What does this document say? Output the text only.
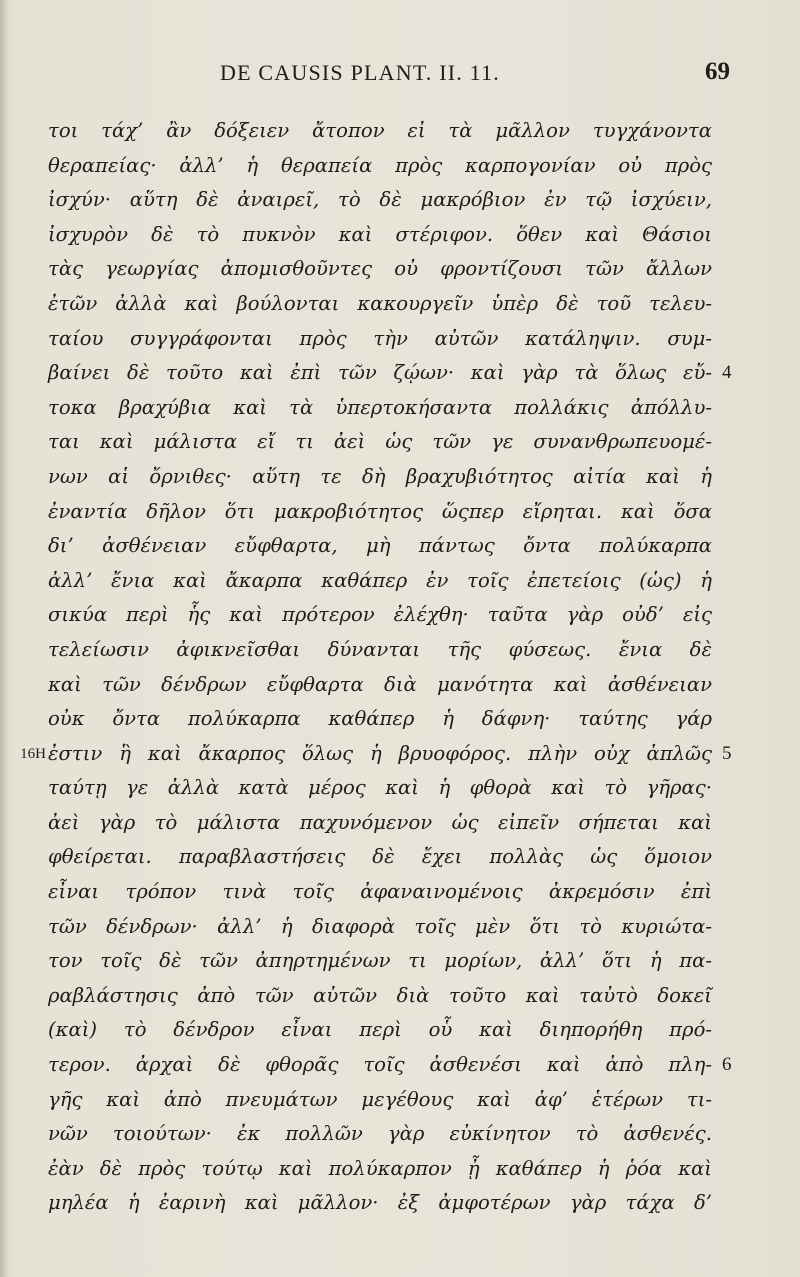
DE CAUSIS PLANT. II. 11.	69
τοι τάχ’ ἂν δόξειεν ἄτοπον εἰ τὰ μᾶλλον τυγχάνοντα
θεραπείας· ἀλλ’ ἡ θεραπεία πρὸς καρπογονίαν οὐ πρὸς
ἰσχύν· αὕτη δὲ ἀναιρεῖ, τὸ δὲ μακρόβιον ἐν τῷ ἰσχύειν,
ἰσχυρὸν δὲ τὸ πυκνὸν καὶ στέριφον. ὅθεν καὶ Θάσιοι
τὰς γεωργίας ἀπομισθοῦντες οὐ φροντίζουσι τῶν ἄλλων
ἐτῶν ἀλλὰ καὶ βούλονται κακουργεῖν ὑπὲρ δὲ τοῦ τελευ-
ταίου συγγράφονται πρὸς τὴν αὐτῶν κατάληψιν. συμ-
βαίνει δὲ τοῦτο καὶ ἐπὶ τῶν ζῴων· καὶ γὰρ τὰ ὅλως εὔ- 4
τοκα βραχύβια καὶ τὰ ὑπερτοκήσαντα πολλάκις ἀπόλλυ-
ται καὶ μάλιστα εἴ τι ἀεὶ ὡς τῶν γε συνανθρωπευομέ-
νων αἱ ὄρνιθες· αὕτη τε δὴ βραχυβιότητος αἰτία καὶ ἡ
ἐναντία δῆλον ὅτι μακροβιότητος ὥςπερ εἴρηται. καὶ ὅσα
δι’ ἀσθένειαν εὔφθαρτα, μὴ πάντως ὄντα πολύκαρπα
ἀλλ’ ἔνια καὶ ἄκαρπα καθάπερ ἐν τοῖς ἐπετείοις (ὡς) ἡ
σικύα περὶ ἧς καὶ πρότερον ἐλέχθη· ταῦτα γὰρ οὐδ’ εἰς
τελείωσιν ἀφικνεῖσθαι δύνανται τῆς φύσεως. ἔνια δὲ
καὶ τῶν δένδρων εὔφθαρτα διὰ μανότητα καὶ ἀσθένειαν
οὐκ ὄντα πολύκαρπα καθάπερ ἡ δάφνη· ταύτης γάρ
16H ἐστιν ἣ καὶ ἄκαρπος ὅλως ἡ βρυοφόρος. πλὴν οὐχ ἁπλῶς 5
ταύτῃ γε ἀλλὰ κατὰ μέρος καὶ ἡ φθορὰ καὶ τὸ γῆρας·
ἀεὶ γὰρ τὸ μάλιστα παχυνόμενον ὡς εἰπεῖν σήπεται καὶ
φθείρεται. παραβλαστήσεις δὲ ἔχει πολλὰς ὡς ὅμοιον
εἶναι τρόπον τινὰ τοῖς ἀφαναινομένοις ἀκρεμόσιν ἐπὶ
τῶν δένδρων· ἀλλ’ ἡ διαφορὰ τοῖς μὲν ὅτι τὸ κυριώτα-
τον τοῖς δὲ τῶν ἀπηρτημένων τι μορίων, ἀλλ’ ὅτι ἡ πα-
ραβλάστησις ἀπὸ τῶν αὐτῶν διὰ τοῦτο καὶ ταὐτὸ δοκεῖ
(καὶ) τὸ δένδρον εἶναι περὶ οὗ καὶ διηπορήθη πρό-
τερον. ἀρχαὶ δὲ φθορᾶς τοῖς ἀσθενέσι καὶ ἀπὸ πλη- 6
γῆς καὶ ἀπὸ πνευμάτων μεγέθους καὶ ἀφ’ ἑτέρων τι-
νῶν τοιούτων· ἐκ πολλῶν γὰρ εὐκίνητον τὸ ἀσθενές.
ἐὰν δὲ πρὸς τούτῳ καὶ πολύκαρπον ᾖ καθάπερ ἡ ῥόα καὶ
μηλέα ἡ ἐαρινὴ καὶ μᾶλλον· ἐξ ἀμφοτέρων γὰρ τάχα δ’
